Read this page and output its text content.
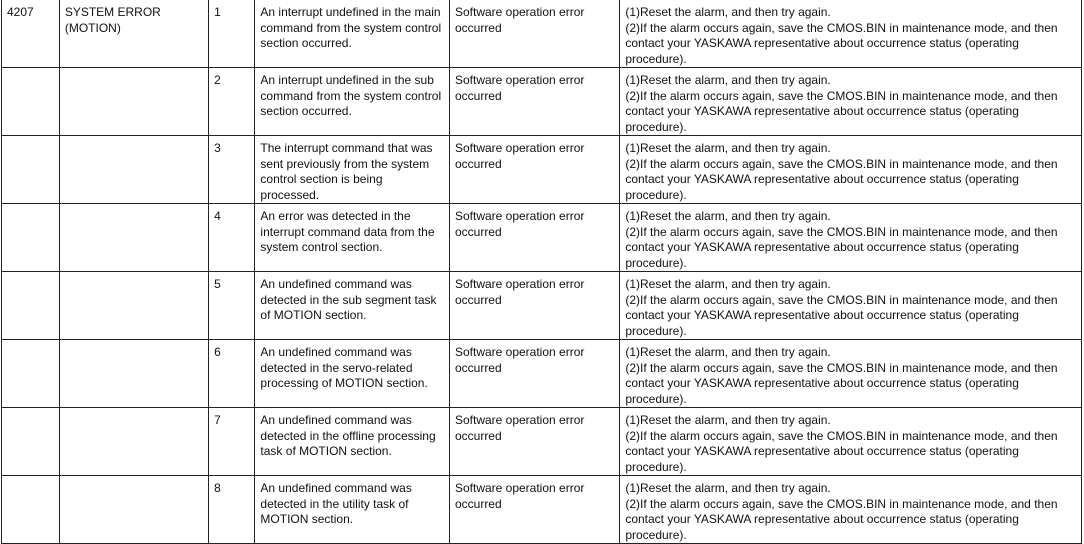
4207	SYSTEM ERROR (MOTION)	1	An interrupt undefined in the main command from the system control section occurred.	Software operation error occurred	(1)Reset the alarm, and then try again.
(2)If the alarm occurs again, save the CMOS.BIN in maintenance mode, and then contact your YASKAWA representative about occurrence status (operating procedure).

		2	An interrupt undefined in the sub command from the system control section occurred.	Software operation error occurred	(1)Reset the alarm, and then try again.
(2)If the alarm occurs again, save the CMOS.BIN in maintenance mode, and then contact your YASKAWA representative about occurrence status (operating procedure).

		3	The interrupt command that was sent previously from the system control section is being processed.	Software operation error occurred	(1)Reset the alarm, and then try again.
(2)If the alarm occurs again, save the CMOS.BIN in maintenance mode, and then contact your YASKAWA representative about occurrence status (operating procedure).

		4	An error was detected in the interrupt command data from the system control section.	Software operation error occurred	(1)Reset the alarm, and then try again.
(2)If the alarm occurs again, save the CMOS.BIN in maintenance mode, and then contact your YASKAWA representative about occurrence status (operating procedure).

		5	An undefined command was detected in the sub segment task of MOTION section.	Software operation error occurred	(1)Reset the alarm, and then try again.
(2)If the alarm occurs again, save the CMOS.BIN in maintenance mode, and then contact your YASKAWA representative about occurrence status (operating procedure).

		6	An undefined command was detected in the servo-related processing of MOTION section.	Software operation error occurred	(1)Reset the alarm, and then try again.
(2)If the alarm occurs again, save the CMOS.BIN in maintenance mode, and then contact your YASKAWA representative about occurrence status (operating procedure).

		7	An undefined command was detected in the offline processing task of MOTION section.	Software operation error occurred	(1)Reset the alarm, and then try again.
(2)If the alarm occurs again, save the CMOS.BIN in maintenance mode, and then contact your YASKAWA representative about occurrence status (operating procedure).

		8	An undefined command was detected in the utility task of MOTION section.	Software operation error occurred	(1)Reset the alarm, and then try again.
(2)If the alarm occurs again, save the CMOS.BIN in maintenance mode, and then contact your YASKAWA representative about occurrence status (operating procedure).
